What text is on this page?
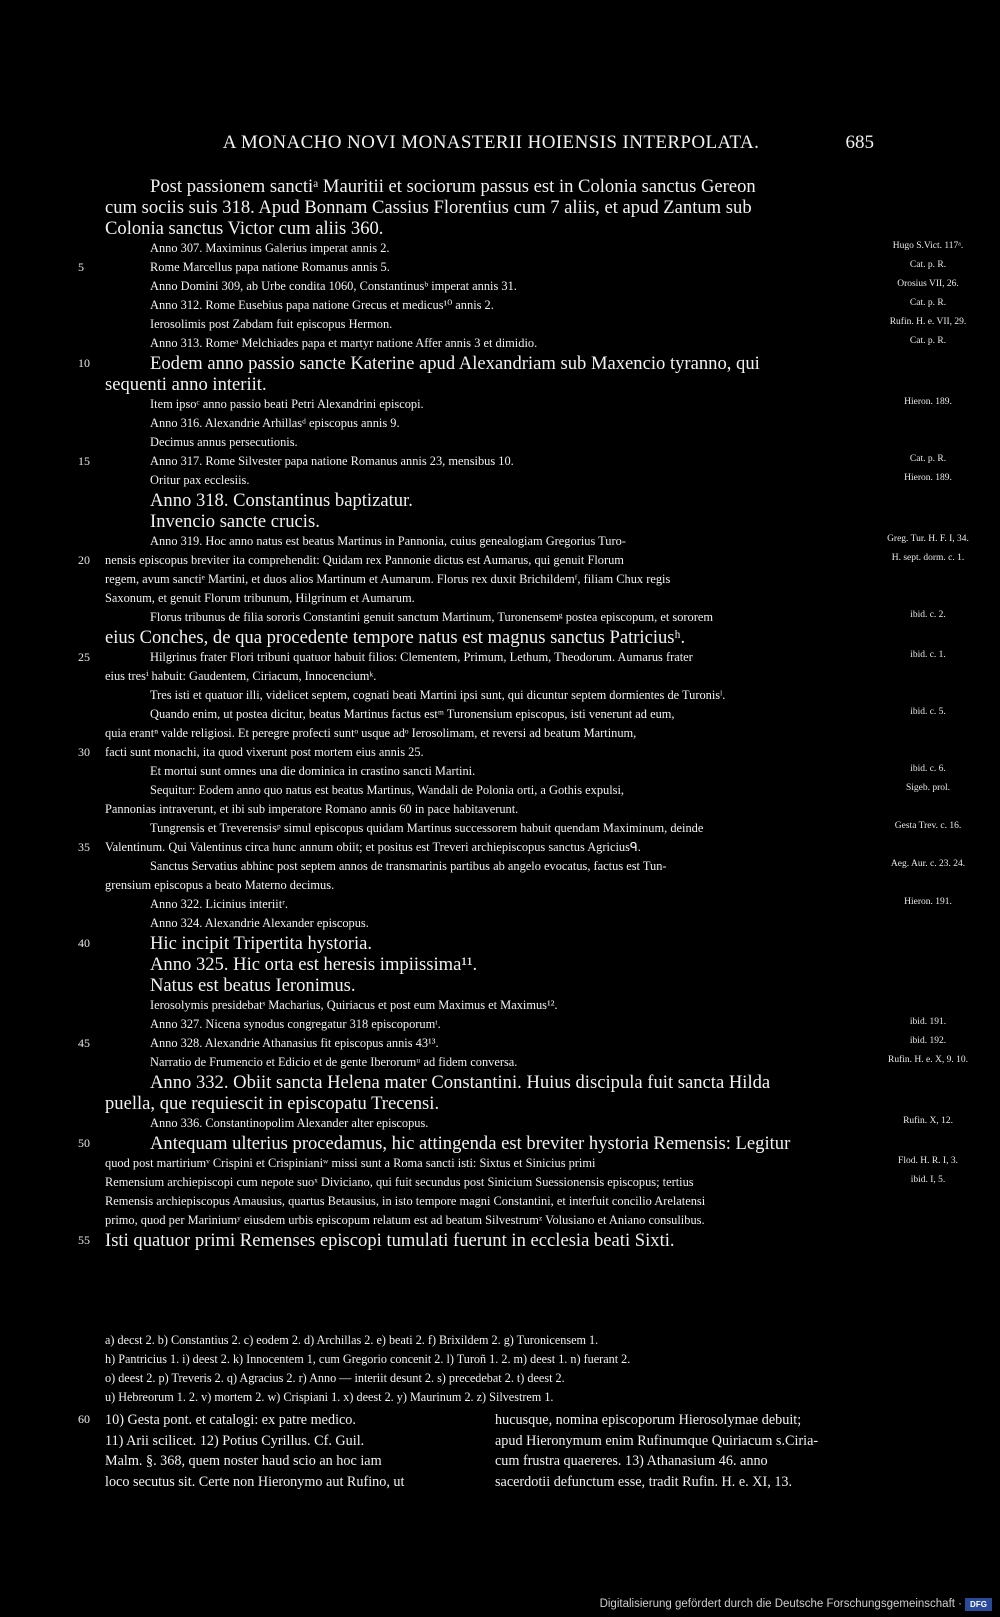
A MONACHO NOVI MONASTERII HOIENSIS INTERPOLATA.	685
Post passionem sanctiᵃ Mauritii et sociorum passus est in Colonia sanctus Gereon
cum sociis suis 318. Apud Bonnam Cassius Florentius cum 7 aliis, et apud Zantum sub
Colonia sanctus Victor cum aliis 360.
Anno 307. Maximinus Galerius imperat annis 2.	Hugo S.Vict. 117ᵃ.
Rome Marcellus papa natione Romanus annis 5.
5	Cat. p. R.
Anno Domini 309, ab Urbe condita 1060, Constantinusᵇ imperat annis 31.	Orosius VII, 26.
Anno 312. Rome Eusebius papa natione Grecus et medicus¹⁰ annis 2.	Cat. p. R.
Ierosolimis post Zabdam fuit episcopus Hermon.	Rufin. H. e. VII, 29.
Anno 313. Romeᵃ Melchiades papa et martyr natione Affer annis 3 et dimidio.	Cat. p. R.
Eodem anno passio sancte Katerine apud Alexandriam sub Maxencio tyranno, qui
10
sequenti anno interiit.
Item ipsoᶜ anno passio beati Petri Alexandrini episcopi.	Hieron. 189.
Anno 316. Alexandrie Arhillasᵈ episcopus annis 9.
Decimus annus persecutionis.
Anno 317. Rome Silvester papa natione Romanus annis 23, mensibus 10.
15	Cat. p. R.
Oritur pax ecclesiis.	Hieron. 189.
Anno 318. Constantinus baptizatur.
Invencio sancte crucis.
Anno 319. Hoc anno natus est beatus Martinus in Pannonia, cuius genealogiam Gregorius Turo-	Greg. Tur. H. F. I, 34.
nensis episcopus breviter ita comprehendit: Quidam rex Pannonie dictus est Aumarus, qui genuit Florum
20	H. sept. dorm. c. 1.
regem, avum sanctiᵉ Martini, et duos alios Martinum et Aumarum. Florus rex duxit Brichildemᶠ, filiam Chux regis
Saxonum, et genuit Florum tribunum, Hilgrinum et Aumarum.
Florus tribunus de filia sororis Constantini genuit sanctum Martinum, Turonensemᵍ postea episcopum, et sororem	ibid. c. 2.
eius Conches, de qua procedente tempore natus est magnus sanctus Patriciusʰ.
Hilgrinus frater Flori tribuni quatuor habuit filios: Clementem, Primum, Lethum, Theodorum. Aumarus frater
25	ibid. c. 1.
eius tresⁱ habuit: Gaudentem, Ciriacum, Innocenciumᵏ.
Tres isti et quatuor illi, videlicet septem, cognati beati Martini ipsi sunt, qui dicuntur septem dormientes de Turonisˡ.
Quando enim, ut postea dicitur, beatus Martinus factus estᵐ Turonensium episcopus, isti venerunt ad eum,	ibid. c. 5.
quia erantⁿ valde religiosi. Et peregre profecti suntᵒ usque adᵒ Ierosolimam, et reversi ad beatum Martinum,
facti sunt monachi, ita quod vixerunt post mortem eius annis 25.
30
Et mortui sunt omnes una die dominica in crastino sancti Martini.	ibid. c. 6.
Sequitur: Eodem anno quo natus est beatus Martinus, Wandali de Polonia orti, a Gothis expulsi,	Sigeb. prol.
Pannonias intraverunt, et ibi sub imperatore Romano annis 60 in pace habitaverunt.
Tungrensis et Treverensisᵖ simul episcopus quidam Martinus successorem habuit quendam Maximinum, deinde	Gesta Trev. c. 16.
Valentinum. Qui Valentinus circa hunc annum obiit; et positus est Treveri archiepiscopus sanctus Agriciusᑫ.
35
Sanctus Servatius abhinc post septem annos de transmarinis partibus ab angelo evocatus, factus est Tun-	Aeg. Aur. c. 23. 24.
grensium episcopus a beato Materno decimus.
Anno 322. Licinius interiitʳ.	Hieron. 191.
Anno 324. Alexandrie Alexander episcopus.
Hic incipit Tripertita hystoria.
40
Anno 325. Hic orta est heresis impiissima¹¹.
Natus est beatus Ieronimus.
Ierosolymis presidebatˢ Macharius, Quiriacus et post eum Maximus et Maximus¹².
Anno 327. Nicena synodus congregatur 318 episcoporumᵗ.	ibid. 191.
Anno 328. Alexandrie Athanasius fit episcopus annis 43¹³.
45	ibid. 192.
Narratio de Frumencio et Edicio et de gente Iberorumᵘ ad fidem conversa.	Rufin. H. e. X, 9. 10.
Anno 332. Obiit sancta Helena mater Constantini. Huius discipula fuit sancta Hilda
puella, que requiescit in episcopatu Trecensi.
Anno 336. Constantinopolim Alexander alter episcopus.	Rufin. X, 12.
Antequam ulterius procedamus, hic attingenda est breviter hystoria Remensis: Legitur
50
quod post martiriumᵛ Crispini et Crispinianiʷ missi sunt a Roma sancti isti: Sixtus et Sinicius primi	Flod. H. R. I, 3.
Remensium archiepiscopi cum nepote suoˣ Diviciano, qui fuit secundus post Sinicium Suessionensis episcopus; tertius	ibid. I, 5.
Remensis archiepiscopus Amausius, quartus Betausius, in isto tempore magni Constantini, et interfuit concilio Arelatensi
primo, quod per Mariniumʸ eiusdem urbis episcopum relatum est ad beatum Silvestrumᶻ Volusiano et Aniano consulibus.
Isti quatuor primi Remenses episcopi tumulati fuerunt in ecclesia beati Sixti.
55
a) decst 2. b) Constantius 2. c) eodem 2. d) Archillas 2. e) beati 2. f) Brixildem 2. g) Turonicensem 1.
h) Pantricius 1. i) deest 2. k) Innocentem 1, cum Gregorio concenit 2. l) Turoñ 1. 2. m) deest 1. n) fuerant 2.
o) deest 2. p) Treveris 2. q) Agracius 2. r) Anno — interiit desunt 2. s) precedebat 2. t) deest 2.
u) Hebreorum 1. 2. v) mortem 2. w) Crispiani 1. x) deest 2. y) Maurinum 2. z) Silvestrem 1.
60 10) Gesta pont. et catalogi: ex patre medico.
11) Arii scilicet. 12) Potius Cyrillus. Cf. Guil.
Malm. §. 368, quem noster haud scio an hoc iam
loco secutus sit. Certe non Hieronymo aut Rufino, ut
hucusque, nomina episcoporum Hierosolymae debuit;
apud Hieronymum enim Rufinumque Quiriacum s.Ciria-
cum frustra quaereres. 13) Athanasium 46. anno
sacerdotii defunctum esse, tradit Rufin. H. e. XI, 13.
Digitalisierung gefördert durch die Deutsche Forschungsgemeinschaft ·	DFG
